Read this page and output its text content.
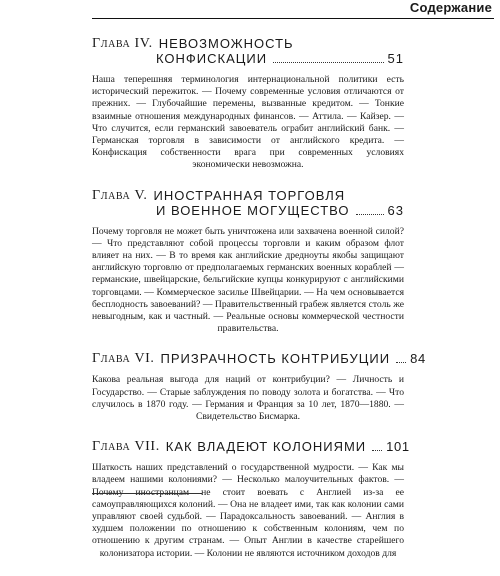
Содержание
Глава IV. НЕВОЗМОЖНОСТЬ
КОНФИСКАЦИИ	51

Наша теперешняя терминология интернациональной политики есть исторический пережиток. — Почему современные условия отличаются от прежних. — Глубочайшие перемены, вызванные кредитом. — Тонкие взаимные отношения международных финансов. — Аттила. — Кайзер. — Что случится, если германский завоеватель ограбит английский банк. — Германская торговля в зависимости от английского кредита. — Конфискация собственности врага при современных условиях экономически невозможна.

Глава V. ИНОСТРАННАЯ ТОРГОВЛЯ
И ВОЕННОЕ МОГУЩЕСТВО	63

Почему торговля не может быть уничтожена или захвачена военной силой? — Что представляют собой процессы торговли и каким образом флот влияет на них. — В то время как английские дредноуты якобы защищают английскую торговлю от предполагаемых германских военных кораблей — германские, швейцарские, бельгийские купцы конкурируют с английскими торговцами. — Коммерческое засилье Швейцарии. — На чем основывается бесплодность завоеваний? — Правительственный грабеж является столь же невыгодным, как и частный. — Реальные основы коммерческой честности правительства.

Глава VI. ПРИЗРАЧНОСТЬ КОНТРИБУЦИИ 84

Какова реальная выгода для наций от контрибуции? — Личность и Государство. — Старые заблуждения по поводу золота и богатства. — Что случилось в 1870 году. — Германия и Франция за 10 лет, 1870—1880. — Свидетельство Бисмарка.

Глава VII. КАК ВЛАДЕЮТ КОЛОНИЯМИ 101

Шаткость наших представлений о государственной мудрости. — Как мы владеем нашими колониями? — Несколько малоучительных фактов. — Почему иностранцам не стоит воевать с Англией из-за ее самоуправляющихся колоний. — Она не владеет ими, так как колонии сами управляют своей судьбой. — Парадоксальность завоеваний. — Англия в худшем положении по отношению к собственным колониям, чем по отношению к другим странам. — Опыт Англии в качестве старейшего колонизатора истории. — Колонии не являются источником доходов для
